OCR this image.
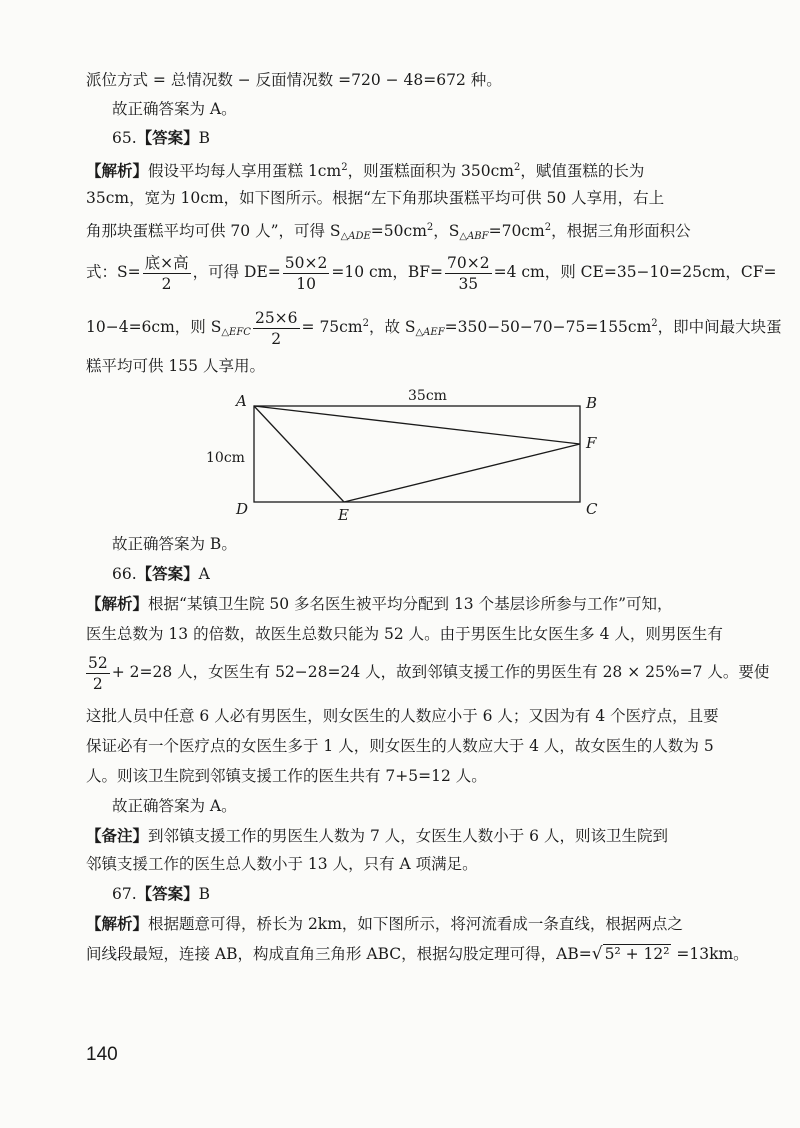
派位方式 = 总情况数 − 反面情况数 =720 − 48=672 种。
故正确答案为 A。
65.【答案】B
【解析】假设平均每人享用蛋糕 $1cm^2$，则蛋糕面积为 $350cm^2$，赋值蛋糕的长为
35cm，宽为 10cm，如下图所示。根据“左下角那块蛋糕平均可供 50 人享用，右上
角那块蛋糕平均可供 70 人”，可得 $S_{\triangle ADE}=50cm^2$，$S_{\triangle ABF}=70cm^2$，根据三角形面积公
式：$S= \frac{\text{底×高}}{2}$ ，可得 $DE= \frac{50\times 2}{10} =10$ cm，$BF= \frac{70\times 2}{35} =4$ cm，则 CE=35−10=25cm，CF=
10−4=6cm，则 $S_{\triangle EFC} \frac{25\times 6}{2} = 75cm^2$，故 $S_{\triangle AEF}=350-50-70-75=155cm^2$，即中间最大块蛋
糕平均可供 155 人享用。
A	B
C
D	E
F
35cm
10cm
故正确答案为 B。
66.【答案】A
【解析】根据“某镇卫生院 50 多名医生被平均分配到 13 个基层诊所参与工作”可知，
医生总数为 13 的倍数，故医生总数只能为 52 人。由于男医生比女医生多 4 人，则男医生有
$\frac{52}{2} + 2=28$ 人，女医生有 52−28=24 人，故到邻镇支援工作的男医生有 28 × 25%=7 人。要使
这批人员中任意 6 人必有男医生，则女医生的人数应小于 6 人；又因为有 4 个医疗点，且要
保证必有一个医疗点的女医生多于 1 人，则女医生的人数应大于 4 人，故女医生的人数为 5
人。则该卫生院到邻镇支援工作的医生共有 7+5=12 人。
故正确答案为 A。
【备注】到邻镇支援工作的男医生人数为 7 人，女医生人数小于 6 人，则该卫生院到
邻镇支援工作的医生总人数小于 13 人，只有 A 项满足。
67.【答案】B
【解析】根据题意可得，桥长为 2km，如下图所示，将河流看成一条直线，根据两点之
间线段最短，连接 AB，构成直角三角形 ABC，根据勾股定理可得，AB=√ 5² + 12² =13km。
140
